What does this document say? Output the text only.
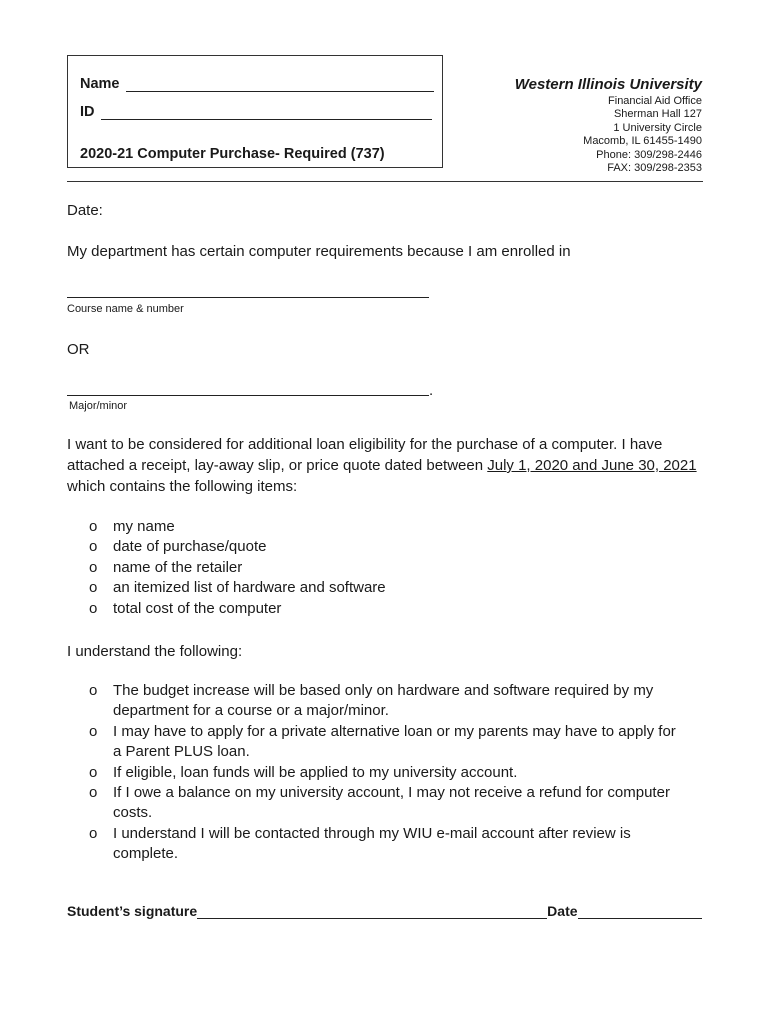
Name
ID
2020-21 Computer Purchase- Required (737)
Western Illinois University
Financial Aid Office
Sherman Hall 127
1 University Circle
Macomb, IL 61455-1490
Phone: 309/298-2446
FAX: 309/298-2353
Date:
My department has certain computer requirements because I am enrolled in
Course name & number
OR
.
Major/minor
I want to be considered for additional loan eligibility for the purchase of a computer. I have attached a receipt, lay-away slip, or price quote dated between July 1, 2020 and June 30, 2021 which contains the following items:
o my name
o date of purchase/quote
o name of the retailer
o an itemized list of hardware and software
o total cost of the computer
I understand the following:
o The budget increase will be based only on hardware and software required by my department for a course or a major/minor.
o I may have to apply for a private alternative loan or my parents may have to apply for a Parent PLUS loan.
o If eligible, loan funds will be applied to my university account.
o If I owe a balance on my university account, I may not receive a refund for computer costs.
o I understand I will be contacted through my WIU e-mail account after review is complete.
Student’s signature	Date
